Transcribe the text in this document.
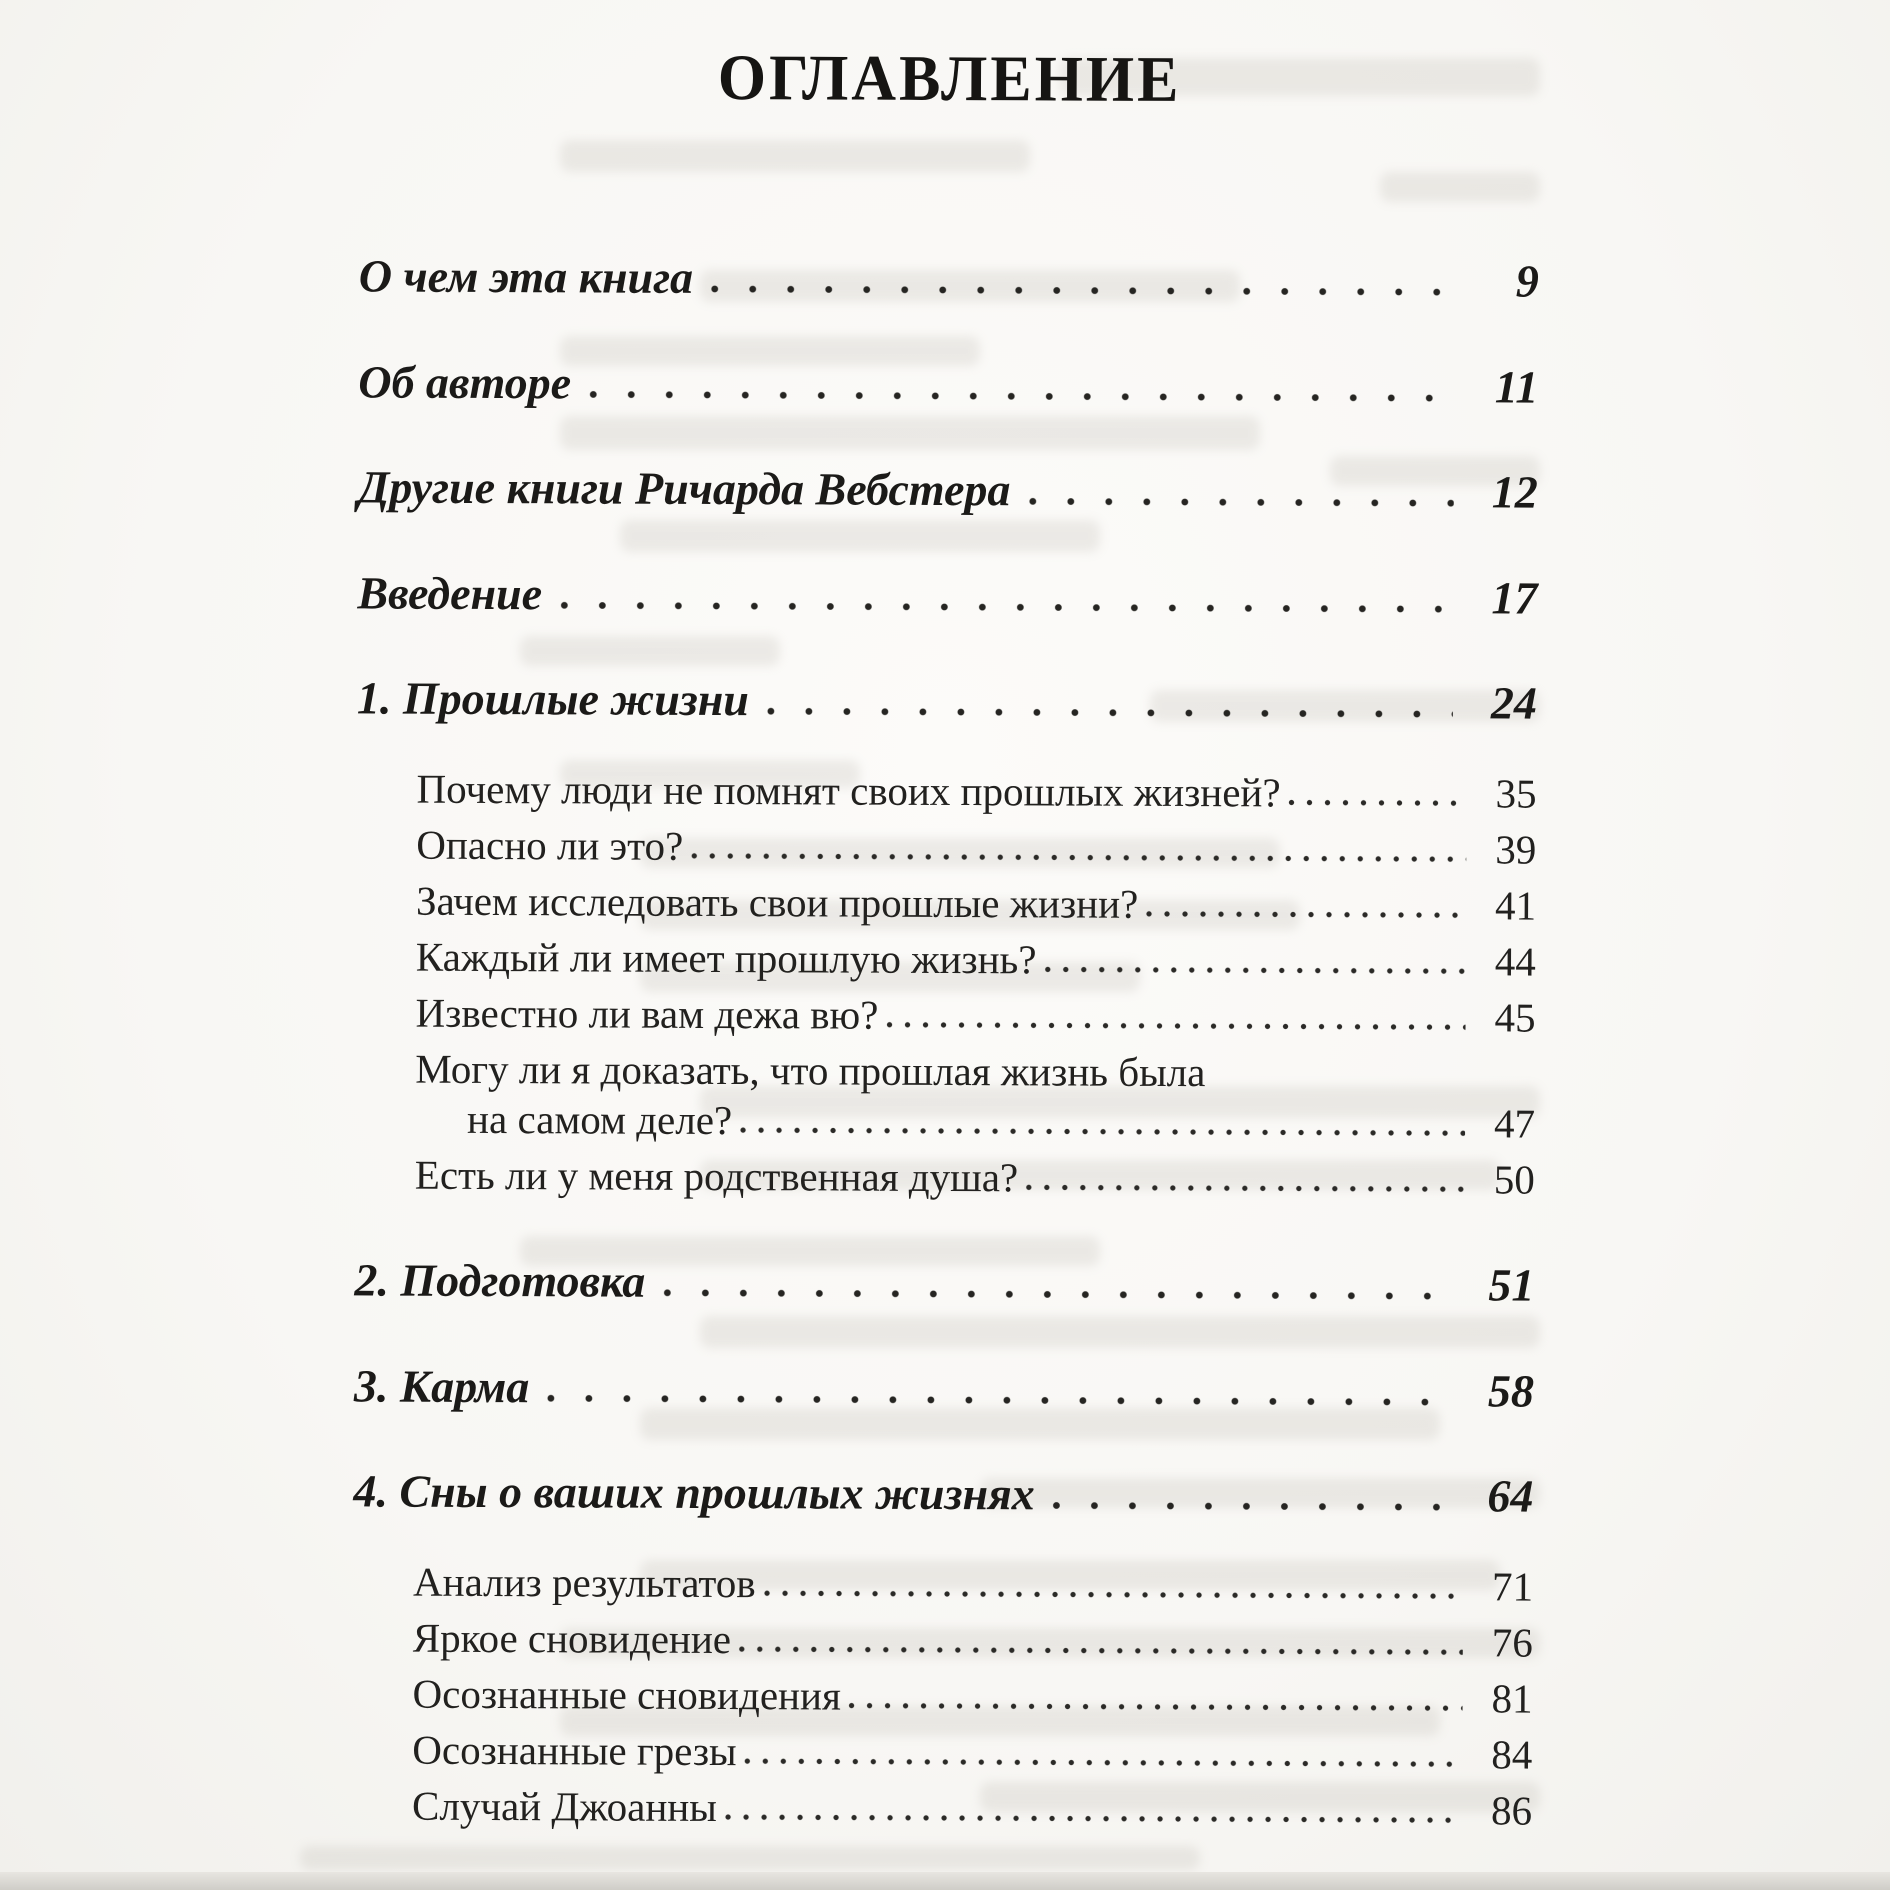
ОГЛАВЛЕНИЕ
О чем эта книга	9
Об авторе	11
Другие книги Ричарда Вебстера	12
Введение	17
1. Прошлые жизни	24
Почему люди не помнят своих прошлых жизней?	35
Опасно ли это?	39
Зачем исследовать свои прошлые жизни?	41
Каждый ли имеет прошлую жизнь?	44
Известно ли вам дежа вю?	45
Могу ли я доказать, что прошлая жизнь была
на самом деле?	47
Есть ли у меня родственная душа?	50
2. Подготовка	51
3. Карма	58
4. Сны о ваших прошлых жизнях	64
Анализ результатов	71
Яркое сновидение	76
Осознанные сновидения	81
Осознанные грезы	84
Случай Джоанны	86
